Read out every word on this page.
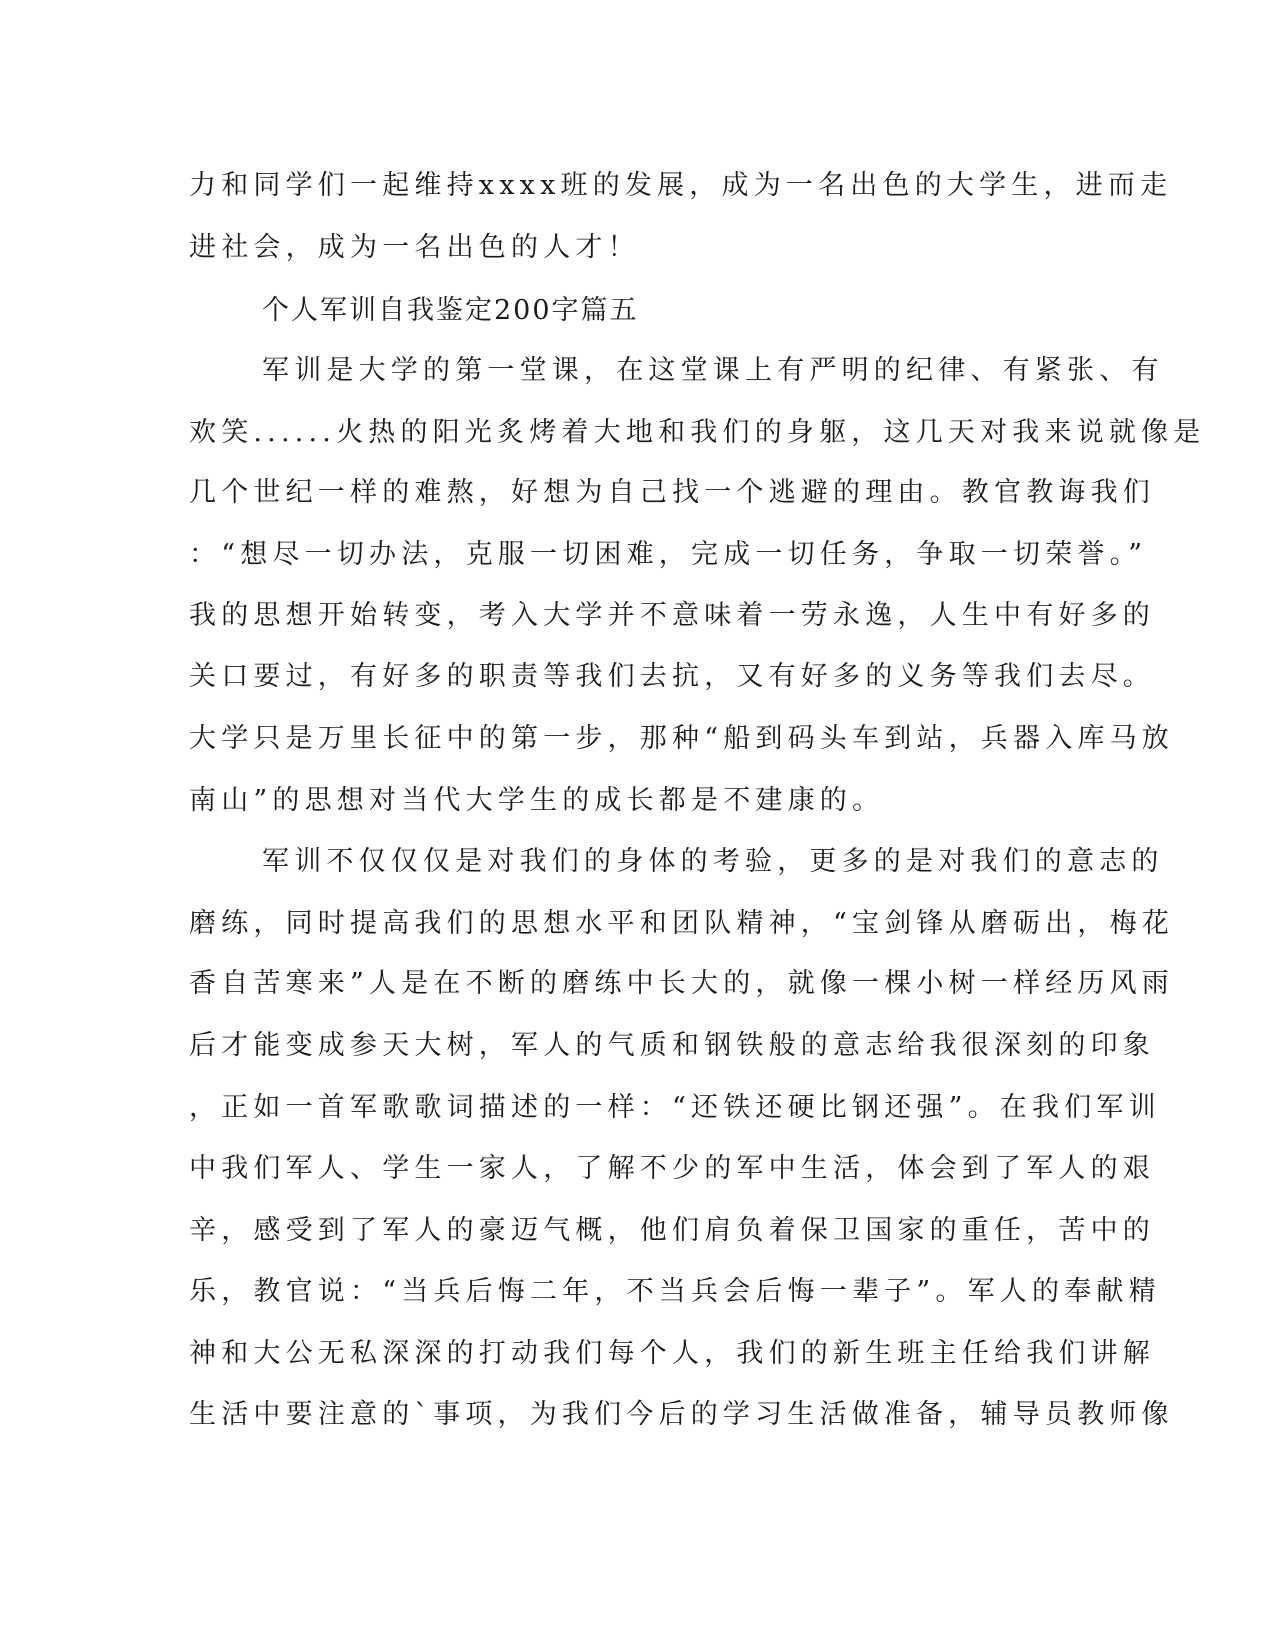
力和同学们一起维持xxxx班的发展，成为一名出色的大学生，进而走

进社会，成为一名出色的人才！

个人军训自我鉴定200字篇五

军训是大学的第一堂课，在这堂课上有严明的纪律、有紧张、有

欢笑......火热的阳光炙烤着大地和我们的身躯，这几天对我来说就像是

几个世纪一样的难熬，好想为自己找一个逃避的理由。教官教诲我们

：“想尽一切办法，克服一切困难，完成一切任务，争取一切荣誉。”

我的思想开始转变，考入大学并不意味着一劳永逸，人生中有好多的

关口要过，有好多的职责等我们去抗，又有好多的义务等我们去尽。

大学只是万里长征中的第一步，那种“船到码头车到站，兵器入库马放

南山”的思想对当代大学生的成长都是不建康的。

军训不仅仅仅是对我们的身体的考验，更多的是对我们的意志的

磨练，同时提高我们的思想水平和团队精神，“宝剑锋从磨砺出，梅花

香自苦寒来”人是在不断的磨练中长大的，就像一棵小树一样经历风雨

后才能变成参天大树，军人的气质和钢铁般的意志给我很深刻的印象

，正如一首军歌歌词描述的一样：“还铁还硬比钢还强”。在我们军训

中我们军人、学生一家人，了解不少的军中生活，体会到了军人的艰

辛，感受到了军人的豪迈气概，他们肩负着保卫国家的重任，苦中的

乐，教官说：“当兵后悔二年，不当兵会后悔一辈子”。军人的奉献精

神和大公无私深深的打动我们每个人，我们的新生班主任给我们讲解

生活中要注意的`事项，为我们今后的学习生活做准备，辅导员教师像
